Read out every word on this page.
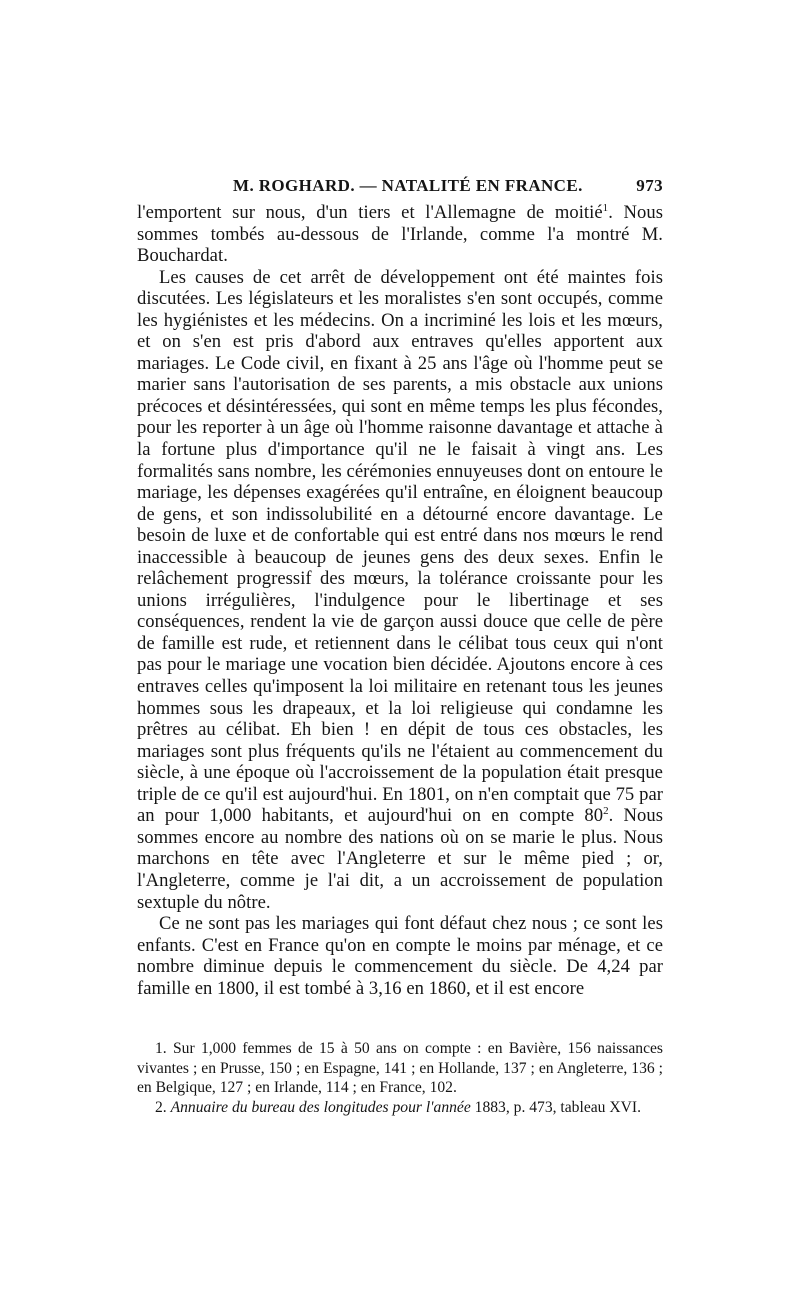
M. ROGHARD. — NATALITÉ EN FRANCE.	973

l'emportent sur nous, d'un tiers et l'Allemagne de moitié$^1$. Nous sommes tombés au-dessous de l'Irlande, comme l'a montré M. Bouchardat.

Les causes de cet arrêt de développement ont été maintes fois discutées. Les législateurs et les moralistes s'en sont occupés, comme les hygiénistes et les médecins. On a incriminé les lois et les mœurs, et on s'en est pris d'abord aux entraves qu'elles apportent aux mariages. Le Code civil, en fixant à 25 ans l'âge où l'homme peut se marier sans l'autorisation de ses parents, a mis obstacle aux unions précoces et désintéressées, qui sont en même temps les plus fécondes, pour les reporter à un âge où l'homme raisonne davantage et attache à la fortune plus d'importance qu'il ne le faisait à vingt ans. Les formalités sans nombre, les cérémonies ennuyeuses dont on entoure le mariage, les dépenses exagérées qu'il entraîne, en éloignent beaucoup de gens, et son indissolubilité en a détourné encore davantage. Le besoin de luxe et de confortable qui est entré dans nos mœurs le rend inaccessible à beaucoup de jeunes gens des deux sexes. Enfin le relâchement progressif des mœurs, la tolérance croissante pour les unions irrégulières, l'indulgence pour le libertinage et ses conséquences, rendent la vie de garçon aussi douce que celle de père de famille est rude, et retiennent dans le célibat tous ceux qui n'ont pas pour le mariage une vocation bien décidée. Ajoutons encore à ces entraves celles qu'imposent la loi militaire en retenant tous les jeunes hommes sous les drapeaux, et la loi religieuse qui condamne les prêtres au célibat. Eh bien ! en dépit de tous ces obstacles, les mariages sont plus fréquents qu'ils ne l'étaient au commencement du siècle, à une époque où l'accroissement de la population était presque triple de ce qu'il est aujourd'hui. En 1801, on n'en comptait que 75 par an pour 1,000 habitants, et aujourd'hui on en compte $80^2$. Nous sommes encore au nombre des nations où on se marie le plus. Nous marchons en tête avec l'Angleterre et sur le même pied ; or, l'Angleterre, comme je l'ai dit, a un accroissement de population sextuple du nôtre.

Ce ne sont pas les mariages qui font défaut chez nous ; ce sont les enfants. C'est en France qu'on en compte le moins par ménage, et ce nombre diminue depuis le commencement du siècle. De 4,24 par famille en 1800, il est tombé à 3,16 en 1860, et il est encore

1. Sur 1,000 femmes de 15 à 50 ans on compte : en Bavière, 156 naissances vivantes ; en Prusse, 150 ; en Espagne, 141 ; en Hollande, 137 ; en Angleterre, 136 ; en Belgique, 127 ; en Irlande, 114 ; en France, 102.

2. Annuaire du bureau des longitudes pour l'année 1883, p. 473, tableau XVI.
